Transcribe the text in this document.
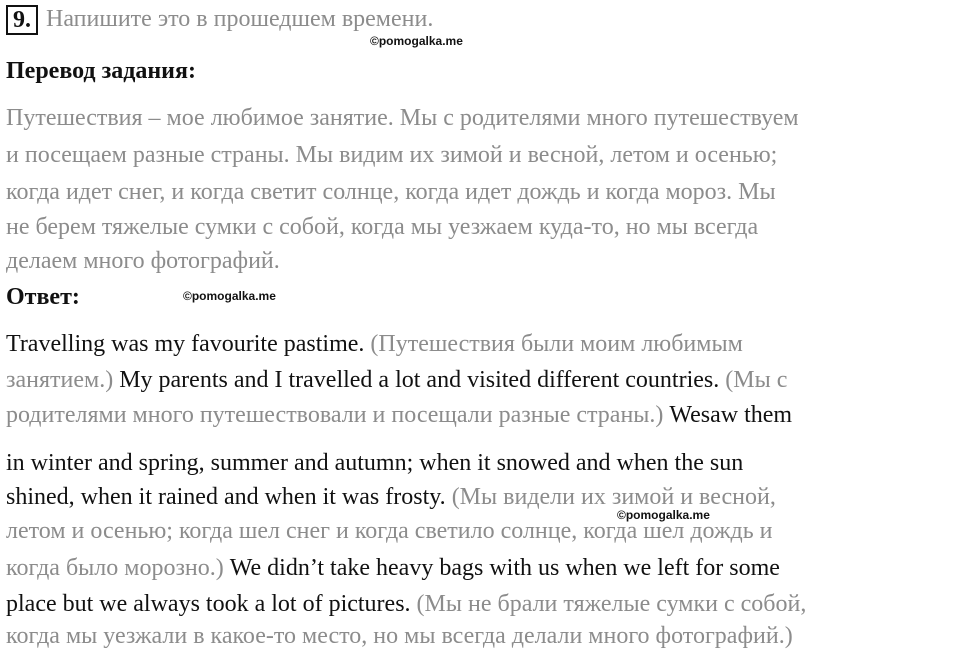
9. Напишите это в прошедшем времени.
©pomogalka.me
Перевод задания:
Путешествия – мое любимое занятие. Мы с родителями много путешествуем
и посещаем разные страны. Мы видим их зимой и весной, летом и осенью;
когда идет снег, и когда светит солнце, когда идет дождь и когда мороз. Мы
не берем тяжелые сумки с собой, когда мы уезжаем куда-то, но мы всегда
делаем много фотографий.
Ответ:	©pomogalka.me
Travelling was my favourite pastime. (Путешествия были моим любимым
занятием.) My parents and I travelled a lot and visited different countries. (Мы с
родителями много путешествовали и посещали разные страны.) Wesaw them
in winter and spring, summer and autumn; when it snowed and when the sun
shined, when it rained and when it was frosty. (Мы видели их зимой и весной,
©pomogalka.me
летом и осенью; когда шел снег и когда светило солнце, когда шел дождь и
когда было морозно.) We didn’t take heavy bags with us when we left for some
place but we always took a lot of pictures. (Мы не брали тяжелые сумки с собой,
когда мы уезжали в какое-то место, но мы всегда делали много фотографий.)
